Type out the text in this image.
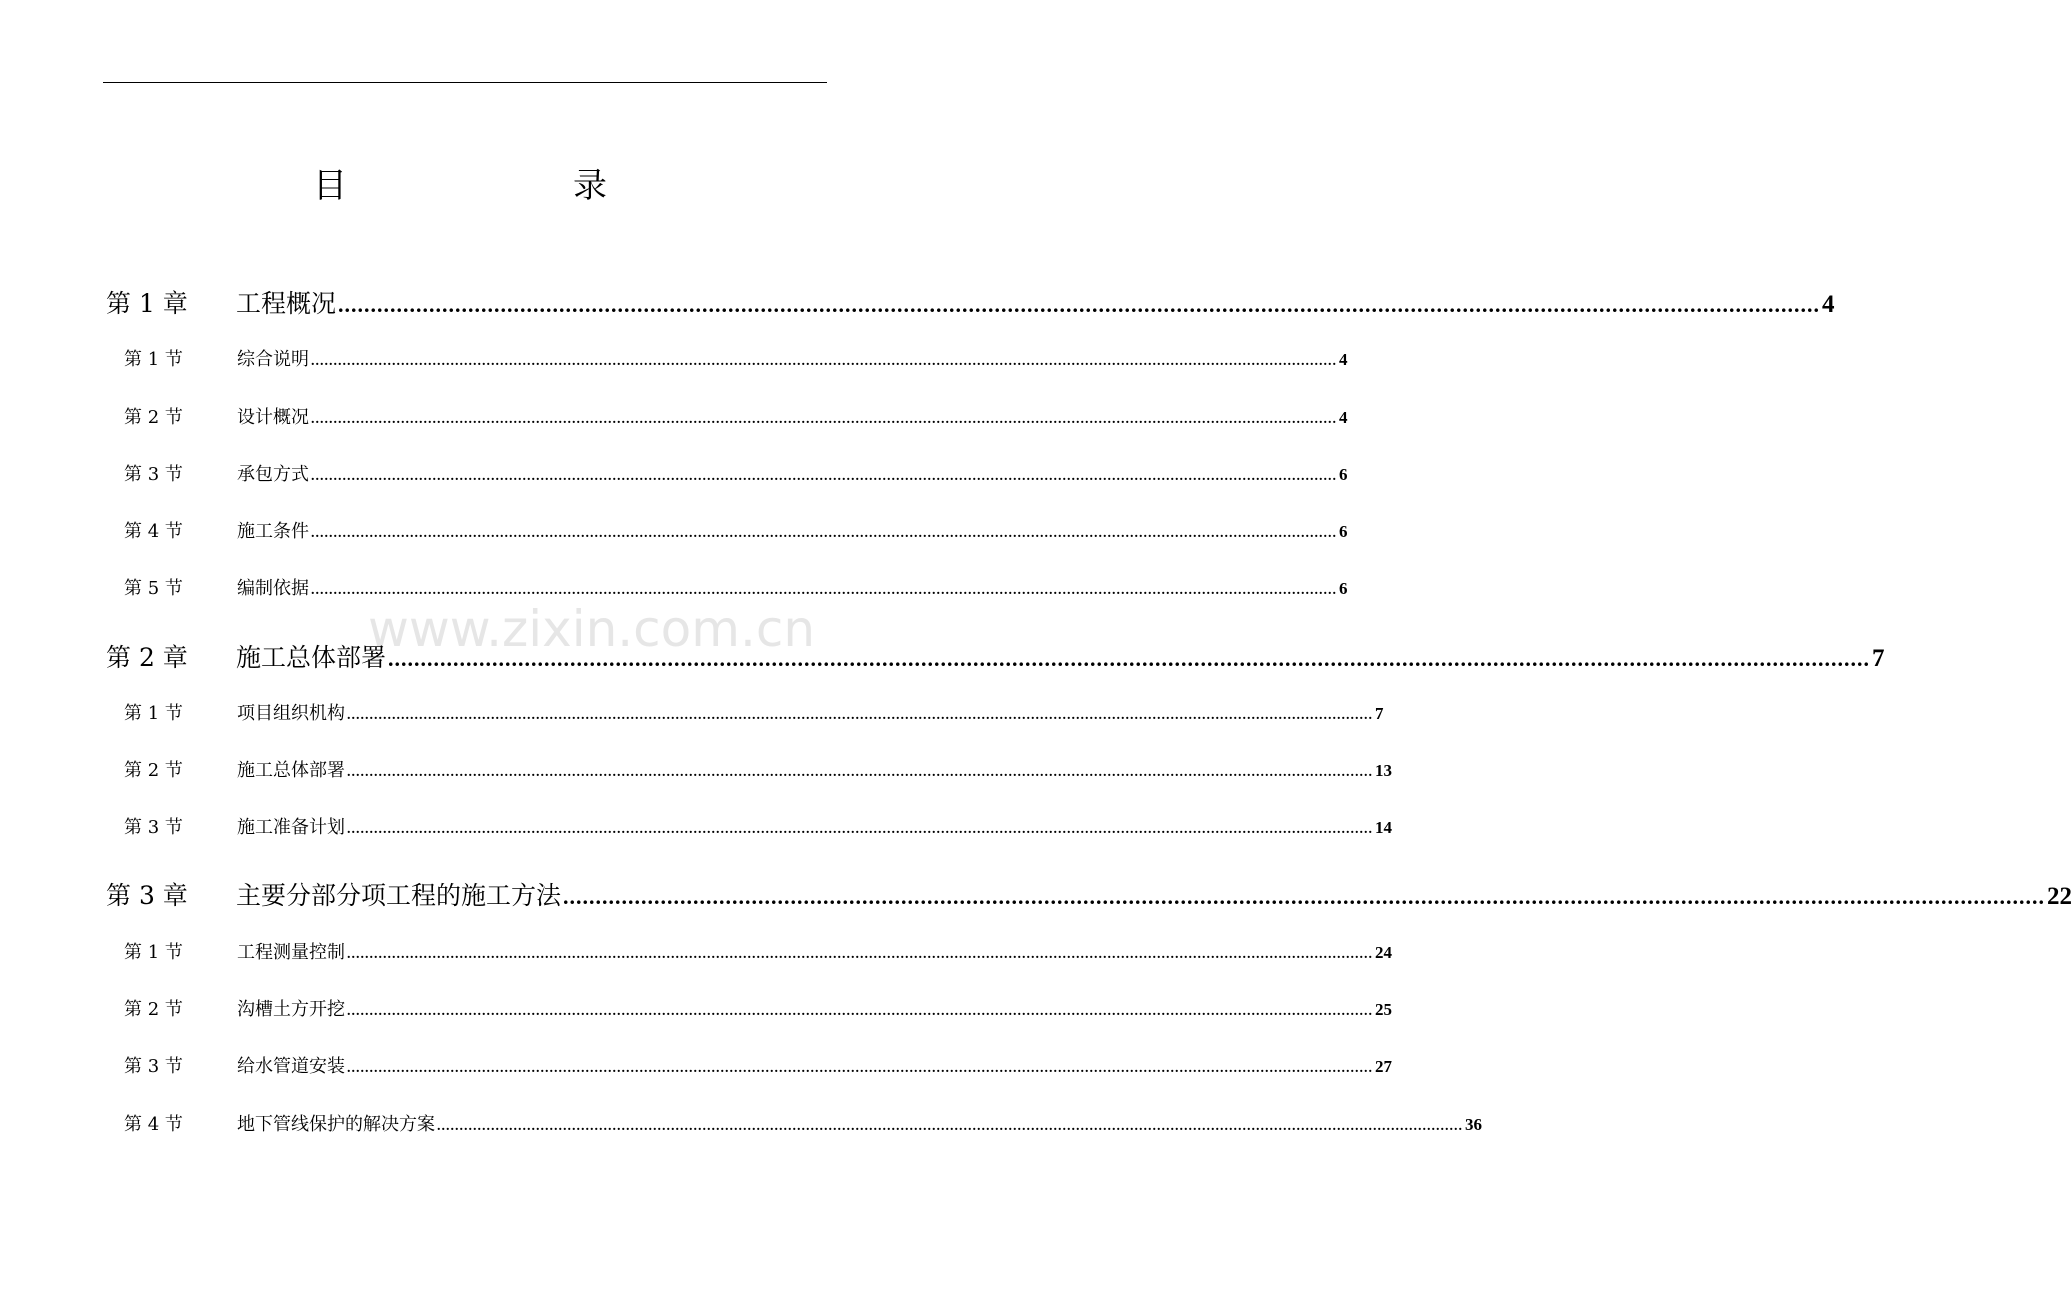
目　录
www.zixin.com.cn
第 1 章 工程概况 .................................................................................................................................................................................................................................... 4
第 1 节	综合说明 .................................................................................................................................................................................................................................... 4
第 2 节	设计概况 .................................................................................................................................................................................................................................... 4
第 3 节	承包方式 .................................................................................................................................................................................................................................... 6
第 4 节	施工条件 .................................................................................................................................................................................................................................... 6
第 5 节	编制依据 .................................................................................................................................................................................................................................... 6
第 2 章 施工总体部署 .................................................................................................................................................................................................................................... 7
第 1 节	项目组织机构 .................................................................................................................................................................................................................................... 7
第 2 节	施工总体部署 .................................................................................................................................................................................................................................... 13
第 3 节	施工准备计划 .................................................................................................................................................................................................................................... 14
第 3 章 主要分部分项工程的施工方法 .................................................................................................................................................................................................................................... 22
第 1 节	工程测量控制 .................................................................................................................................................................................................................................... 24
第 2 节	沟槽土方开挖 .................................................................................................................................................................................................................................... 25
第 3 节	给水管道安装 .................................................................................................................................................................................................................................... 27
第 4 节	地下管线保护的解决方案 .................................................................................................................................................................................................................................... 36
